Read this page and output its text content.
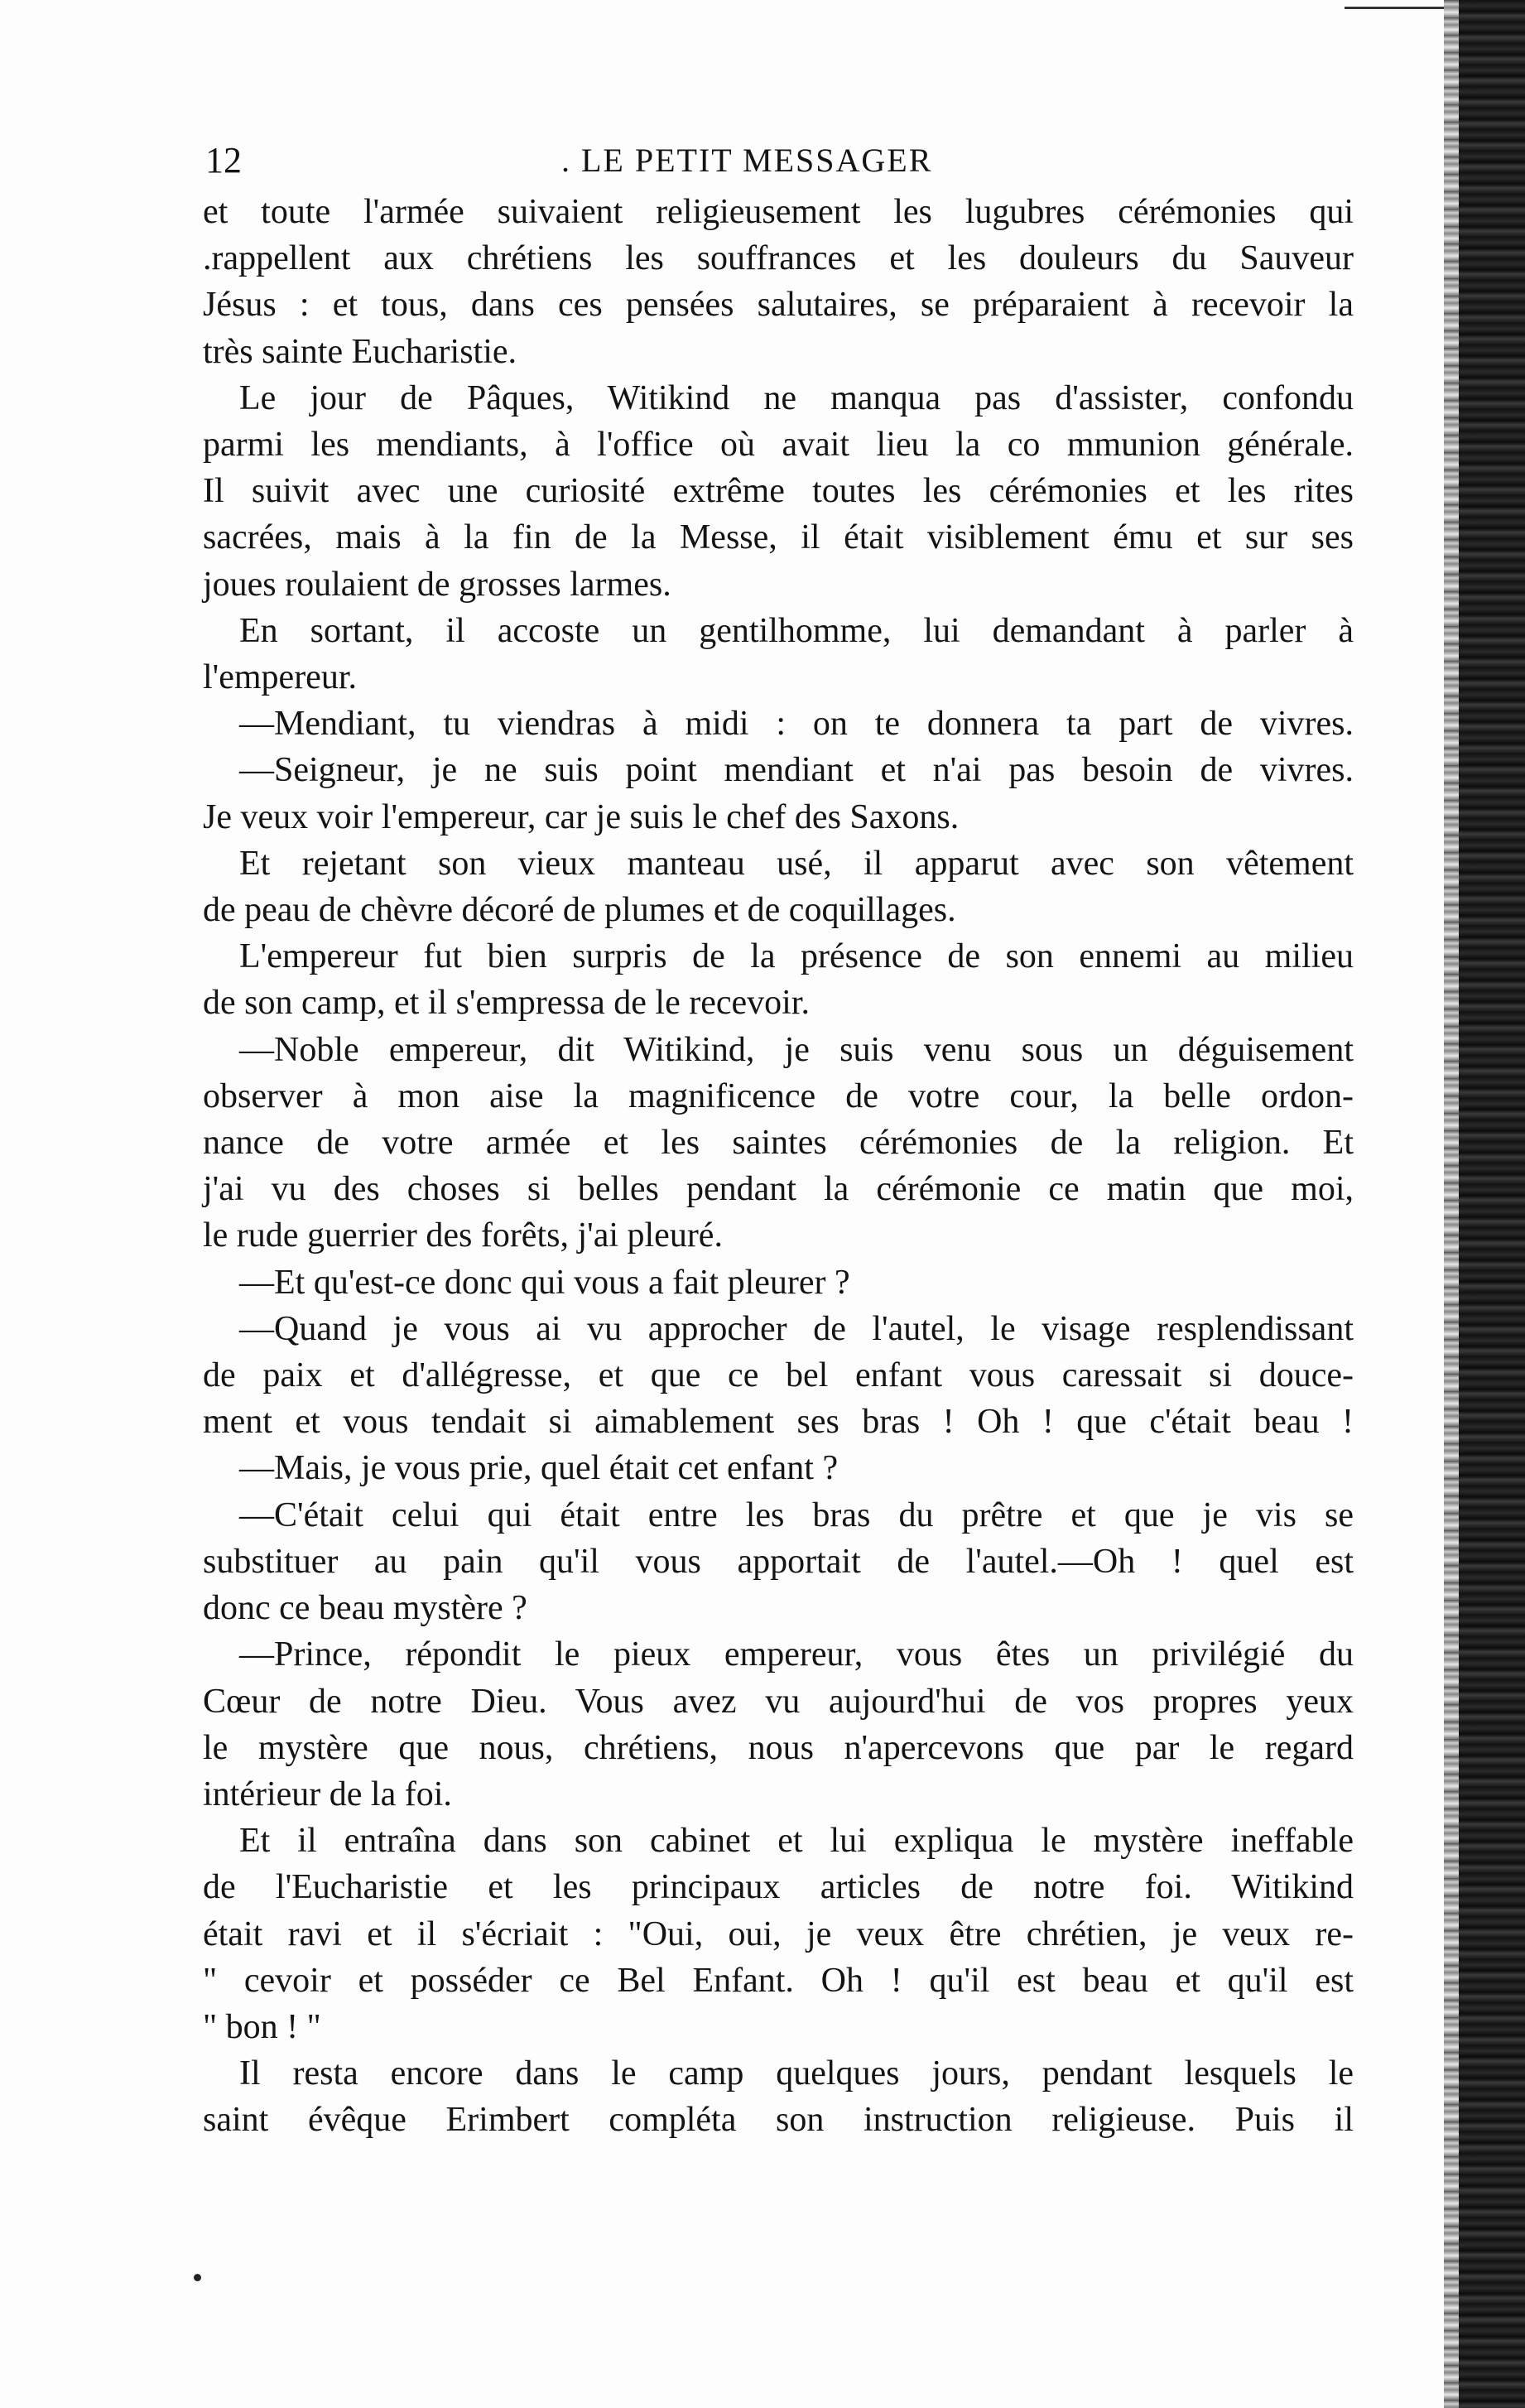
12	. LE PETIT MESSAGER
et toute l'armée suivaient religieusement les lugubres cérémonies qui
.rappellent aux chrétiens les souffrances et les douleurs du Sauveur
Jésus : et tous, dans ces pensées salutaires, se préparaient à recevoir la
très sainte Eucharistie.
Le jour de Pâques, Witikind ne manqua pas d'assister, confondu
parmi les mendiants, à l'office où avait lieu la co mmunion générale.
Il suivit avec une curiosité extrême toutes les cérémonies et les rites
sacrées, mais à la fin de la Messe, il était visiblement ému et sur ses
joues roulaient de grosses larmes.
En sortant, il accoste un gentilhomme, lui demandant à parler à
l'empereur.
—Mendiant, tu viendras à midi : on te donnera ta part de vivres.
—Seigneur, je ne suis point mendiant et n'ai pas besoin de vivres.
Je veux voir l'empereur, car je suis le chef des Saxons.
Et rejetant son vieux manteau usé, il apparut avec son vêtement
de peau de chèvre décoré de plumes et de coquillages.
L'empereur fut bien surpris de la présence de son ennemi au milieu
de son camp, et il s'empressa de le recevoir.
—Noble empereur, dit Witikind, je suis venu sous un déguisement
observer à mon aise la magnificence de votre cour, la belle ordon-
nance de votre armée et les saintes cérémonies de la religion. Et
j'ai vu des choses si belles pendant la cérémonie ce matin que moi,
le rude guerrier des forêts, j'ai pleuré.
—Et qu'est-ce donc qui vous a fait pleurer ?
—Quand je vous ai vu approcher de l'autel, le visage resplendissant
de paix et d'allégresse, et que ce bel enfant vous caressait si douce-
ment et vous tendait si aimablement ses bras ! Oh ! que c'était beau !
—Mais, je vous prie, quel était cet enfant ?
—C'était celui qui était entre les bras du prêtre et que je vis se
substituer au pain qu'il vous apportait de l'autel.—Oh ! quel est
donc ce beau mystère ?
—Prince, répondit le pieux empereur, vous êtes un privilégié du
Cœur de notre Dieu. Vous avez vu aujourd'hui de vos propres yeux
le mystère que nous, chrétiens, nous n'apercevons que par le regard
intérieur de la foi.
Et il entraîna dans son cabinet et lui expliqua le mystère ineffable
de l'Eucharistie et les principaux articles de notre foi. Witikind
était ravi et il s'écriait : "Oui, oui, je veux être chrétien, je veux re-
" cevoir et posséder ce Bel Enfant. Oh ! qu'il est beau et qu'il est
" bon ! "
Il resta encore dans le camp quelques jours, pendant lesquels le
saint évêque Erimbert compléta son instruction religieuse. Puis il
